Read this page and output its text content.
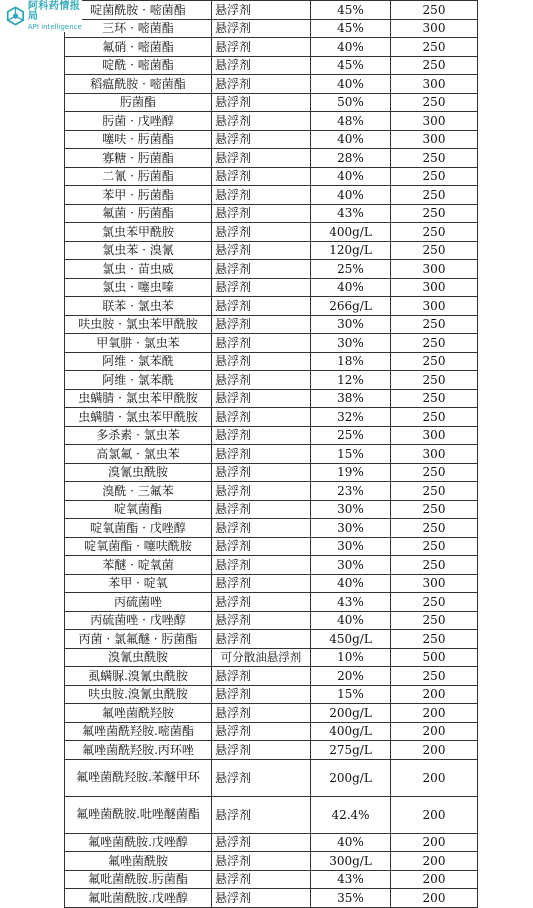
阿科药情报局
API intelligence
啶菌酰胺 · 嘧菌酯	悬浮剂	45%	250
三环 · 嘧菌酯	悬浮剂	45%	300
氟硝 · 嘧菌酯	悬浮剂	40%	250
啶酰 · 嘧菌酯	悬浮剂	45%	250
稻瘟酰胺 · 嘧菌酯	悬浮剂	40%	300
肟菌酯	悬浮剂	50%	250
肟菌 · 戊唑醇	悬浮剂	48%	300
噻呋 · 肟菌酯	悬浮剂	40%	300
寡糖 · 肟菌酯	悬浮剂	28%	250
二氰 · 肟菌酯	悬浮剂	40%	250
苯甲 · 肟菌酯	悬浮剂	40%	250
氟菌 · 肟菌酯	悬浮剂	43%	250
氯虫苯甲酰胺	悬浮剂	400g/L	250
氯虫苯 · 溴氰	悬浮剂	120g/L	250
氯虫 · 苗虫威	悬浮剂	25%	300
氯虫 · 噻虫嗪	悬浮剂	40%	300
联苯 · 氯虫苯	悬浮剂	266g/L	300
呋虫胺 · 氯虫苯甲酰胺	悬浮剂	30%	250
甲氧肼 · 氯虫苯	悬浮剂	30%	250
阿维 · 氯苯酰	悬浮剂	18%	250
阿维 · 氯苯酰	悬浮剂	12%	250
虫螨腈 · 氯虫苯甲酰胺	悬浮剂	38%	250
虫螨腈 · 氯虫苯甲酰胺	悬浮剂	32%	250
多杀素 · 氯虫苯	悬浮剂	25%	300
高氯氟 · 氯虫苯	悬浮剂	15%	300
溴氰虫酰胺	悬浮剂	19%	250
溴酰 · 三氟苯	悬浮剂	23%	250
啶氧菌酯	悬浮剂	30%	250
啶氧菌酯 · 戊唑醇	悬浮剂	30%	250
啶氧菌酯 · 噻呋酰胺	悬浮剂	30%	250
苯醚 · 啶氧菌	悬浮剂	30%	250
苯甲 · 啶氧	悬浮剂	40%	300
丙硫菌唑	悬浮剂	43%	250
丙硫菌唑 · 戊唑醇	悬浮剂	40%	250
丙菌 · 氯氟醚 · 肟菌酯	悬浮剂	450g/L	250
溴氰虫酰胺	可分散油悬浮剂	10%	500
虱螨脲.溴氰虫酰胺	悬浮剂	20%	250
呋虫胺.溴氰虫酰胺	悬浮剂	15%	200
氟唑菌酰羟胺	悬浮剂	200g/L	200
氟唑菌酰羟胺.嘧菌酯	悬浮剂	400g/L	200
氟唑菌酰羟胺.丙环唑	悬浮剂	275g/L	200
氟唑菌酰羟胺.苯醚甲环	悬浮剂	200g/L	200
氟唑菌酰胺.吡唑醚菌酯	悬浮剂	42.4%	200
氟唑菌酰胺.戊唑醇	悬浮剂	40%	200
氟唑菌酰胺	悬浮剂	300g/L	200
氟吡菌酰胺.肟菌酯	悬浮剂	43%	200
氟吡菌酰胺.戊唑醇	悬浮剂	35%	200
